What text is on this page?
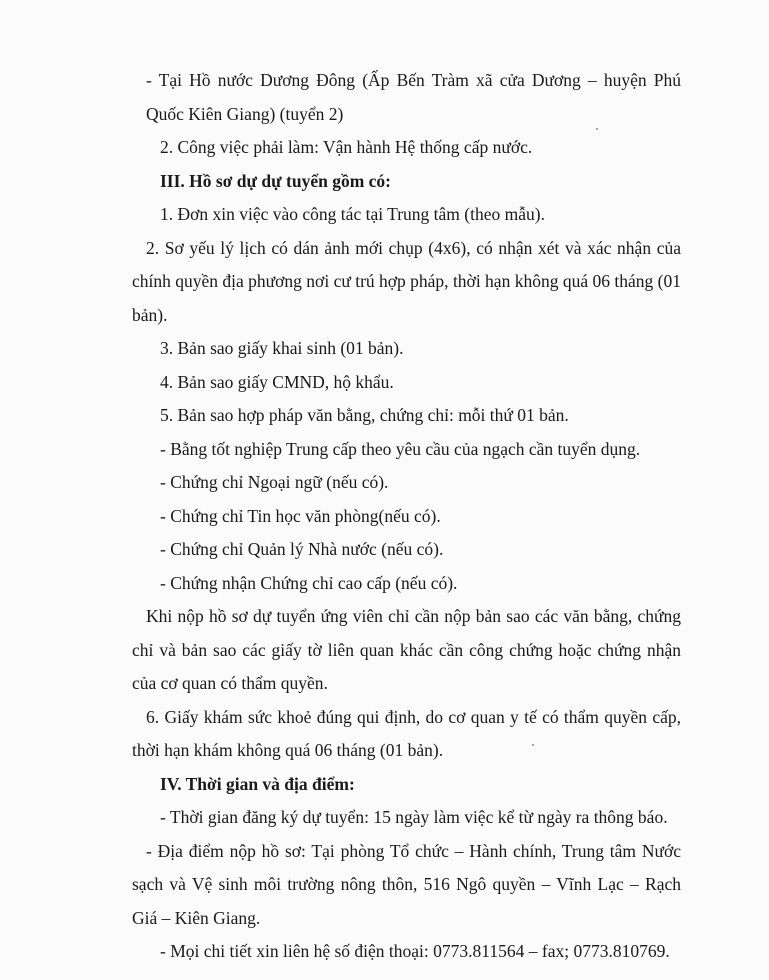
- Tại Hồ nước Dương Đông (Ấp Bến Tràm xã cửa Dương – huyện Phú Quốc Kiên Giang) (tuyển 2)

2. Công việc phải làm: Vận hành Hệ thống cấp nước.

III. Hồ sơ dự dự tuyển gồm có:

1. Đơn xin việc vào công tác tại Trung tâm (theo mẫu).

2. Sơ yếu lý lịch có dán ảnh mới chụp (4x6), có nhận xét và xác nhận của chính quyền địa phương nơi cư trú hợp pháp, thời hạn không quá 06 tháng (01 bản).

3. Bản sao giấy khai sinh (01 bản).

4. Bản sao giấy CMND, hộ khẩu.

5. Bản sao hợp pháp văn bằng, chứng chỉ: mỗi thứ 01 bản.

- Bằng tốt nghiệp Trung cấp theo yêu cầu của ngạch cần tuyển dụng.

- Chứng chỉ Ngoại ngữ (nếu có).

- Chứng chỉ Tin học văn phòng(nếu có).

- Chứng chỉ Quản lý Nhà nước (nếu có).

- Chứng nhận Chứng chỉ cao cấp (nếu có).

Khi nộp hồ sơ dự tuyển ứng viên chỉ cần nộp bản sao các văn bằng, chứng chỉ và bản sao các giấy tờ liên quan khác cần công chứng hoặc chứng nhận của cơ quan có thẩm quyền.

6. Giấy khám sức khoẻ đúng qui định, do cơ quan y tế có thẩm quyền cấp, thời hạn khám không quá 06 tháng (01 bản).

IV. Thời gian và địa điểm:

- Thời gian đăng ký dự tuyển: 15 ngày làm việc kể từ ngày ra thông báo.

- Địa điểm nộp hồ sơ: Tại phòng Tổ chức – Hành chính, Trung tâm Nước sạch và Vệ sinh môi trường nông thôn, 516 Ngô quyền – Vĩnh Lạc – Rạch Giá – Kiên Giang.

- Mọi chi tiết xin liên hệ số điện thoại: 0773.811564 – fax; 0773.810769.
